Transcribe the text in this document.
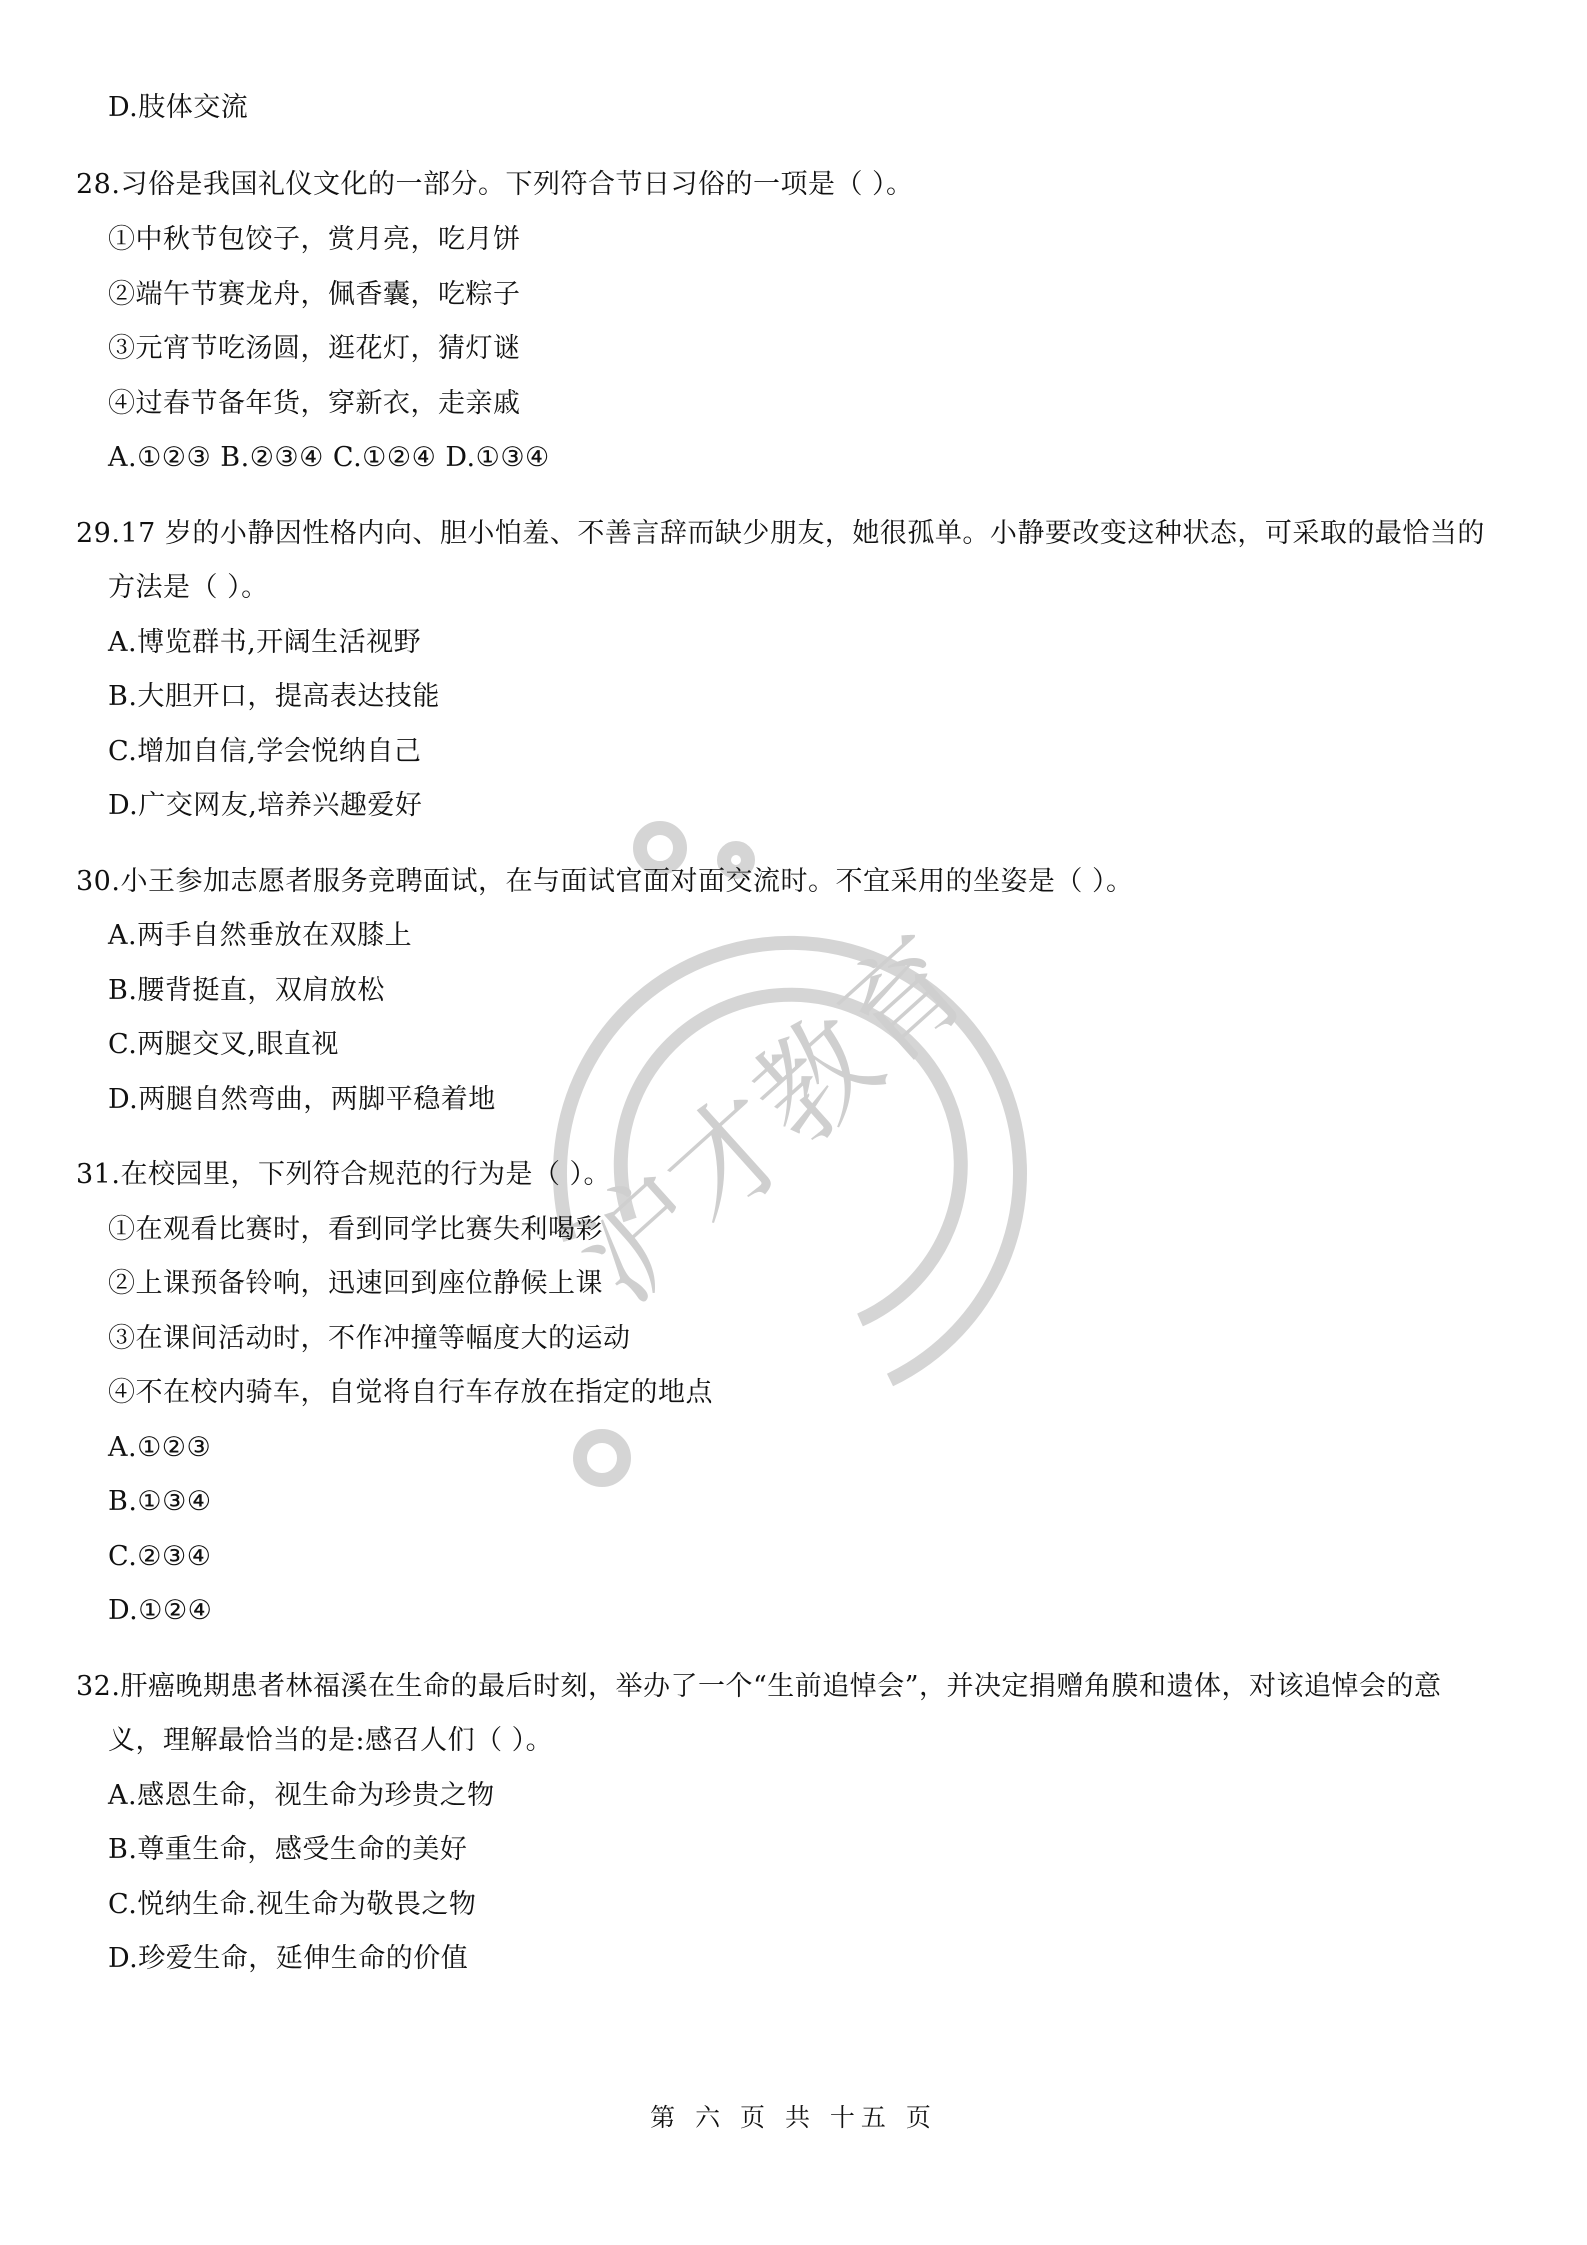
沪才教育
D.肢体交流
28.习俗是我国礼仪文化的一部分。下列符合节日习俗的一项是（ ）。
①中秋节包饺子，赏月亮，吃月饼
②端午节赛龙舟，佩香囊，吃粽子
③元宵节吃汤圆，逛花灯，猜灯谜
④过春节备年货，穿新衣，走亲戚
A.①②③ B.②③④ C.①②④ D.①③④
29.17 岁的小静因性格内向、胆小怕羞、不善言辞而缺少朋友，她很孤单。小静要改变这种状态，可采取的最恰当的
方法是（ ）。
A.博览群书,开阔生活视野
B.大胆开口，提高表达技能
C.增加自信,学会悦纳自己
D.广交网友,培养兴趣爱好
30.小王参加志愿者服务竞聘面试，在与面试官面对面交流时。不宜采用的坐姿是（ ）。
A.两手自然垂放在双膝上
B.腰背挺直，双肩放松
C.两腿交叉,眼直视
D.两腿自然弯曲，两脚平稳着地
31.在校园里，下列符合规范的行为是（ ）。
①在观看比赛时，看到同学比赛失利喝彩
②上课预备铃响，迅速回到座位静候上课
③在课间活动时，不作冲撞等幅度大的运动
④不在校内骑车，自觉将自行车存放在指定的地点
A.①②③
B.①③④
C.②③④
D.①②④
32.肝癌晚期患者林福溪在生命的最后时刻，举办了一个“生前追悼会”，并决定捐赠角膜和遗体，对该追悼会的意
义，理解最恰当的是:感召人们（ ）。
A.感恩生命，视生命为珍贵之物
B.尊重生命，感受生命的美好
C.悦纳生命.视生命为敬畏之物
D.珍爱生命，延伸生命的价值
第 六 页 共 十五 页
